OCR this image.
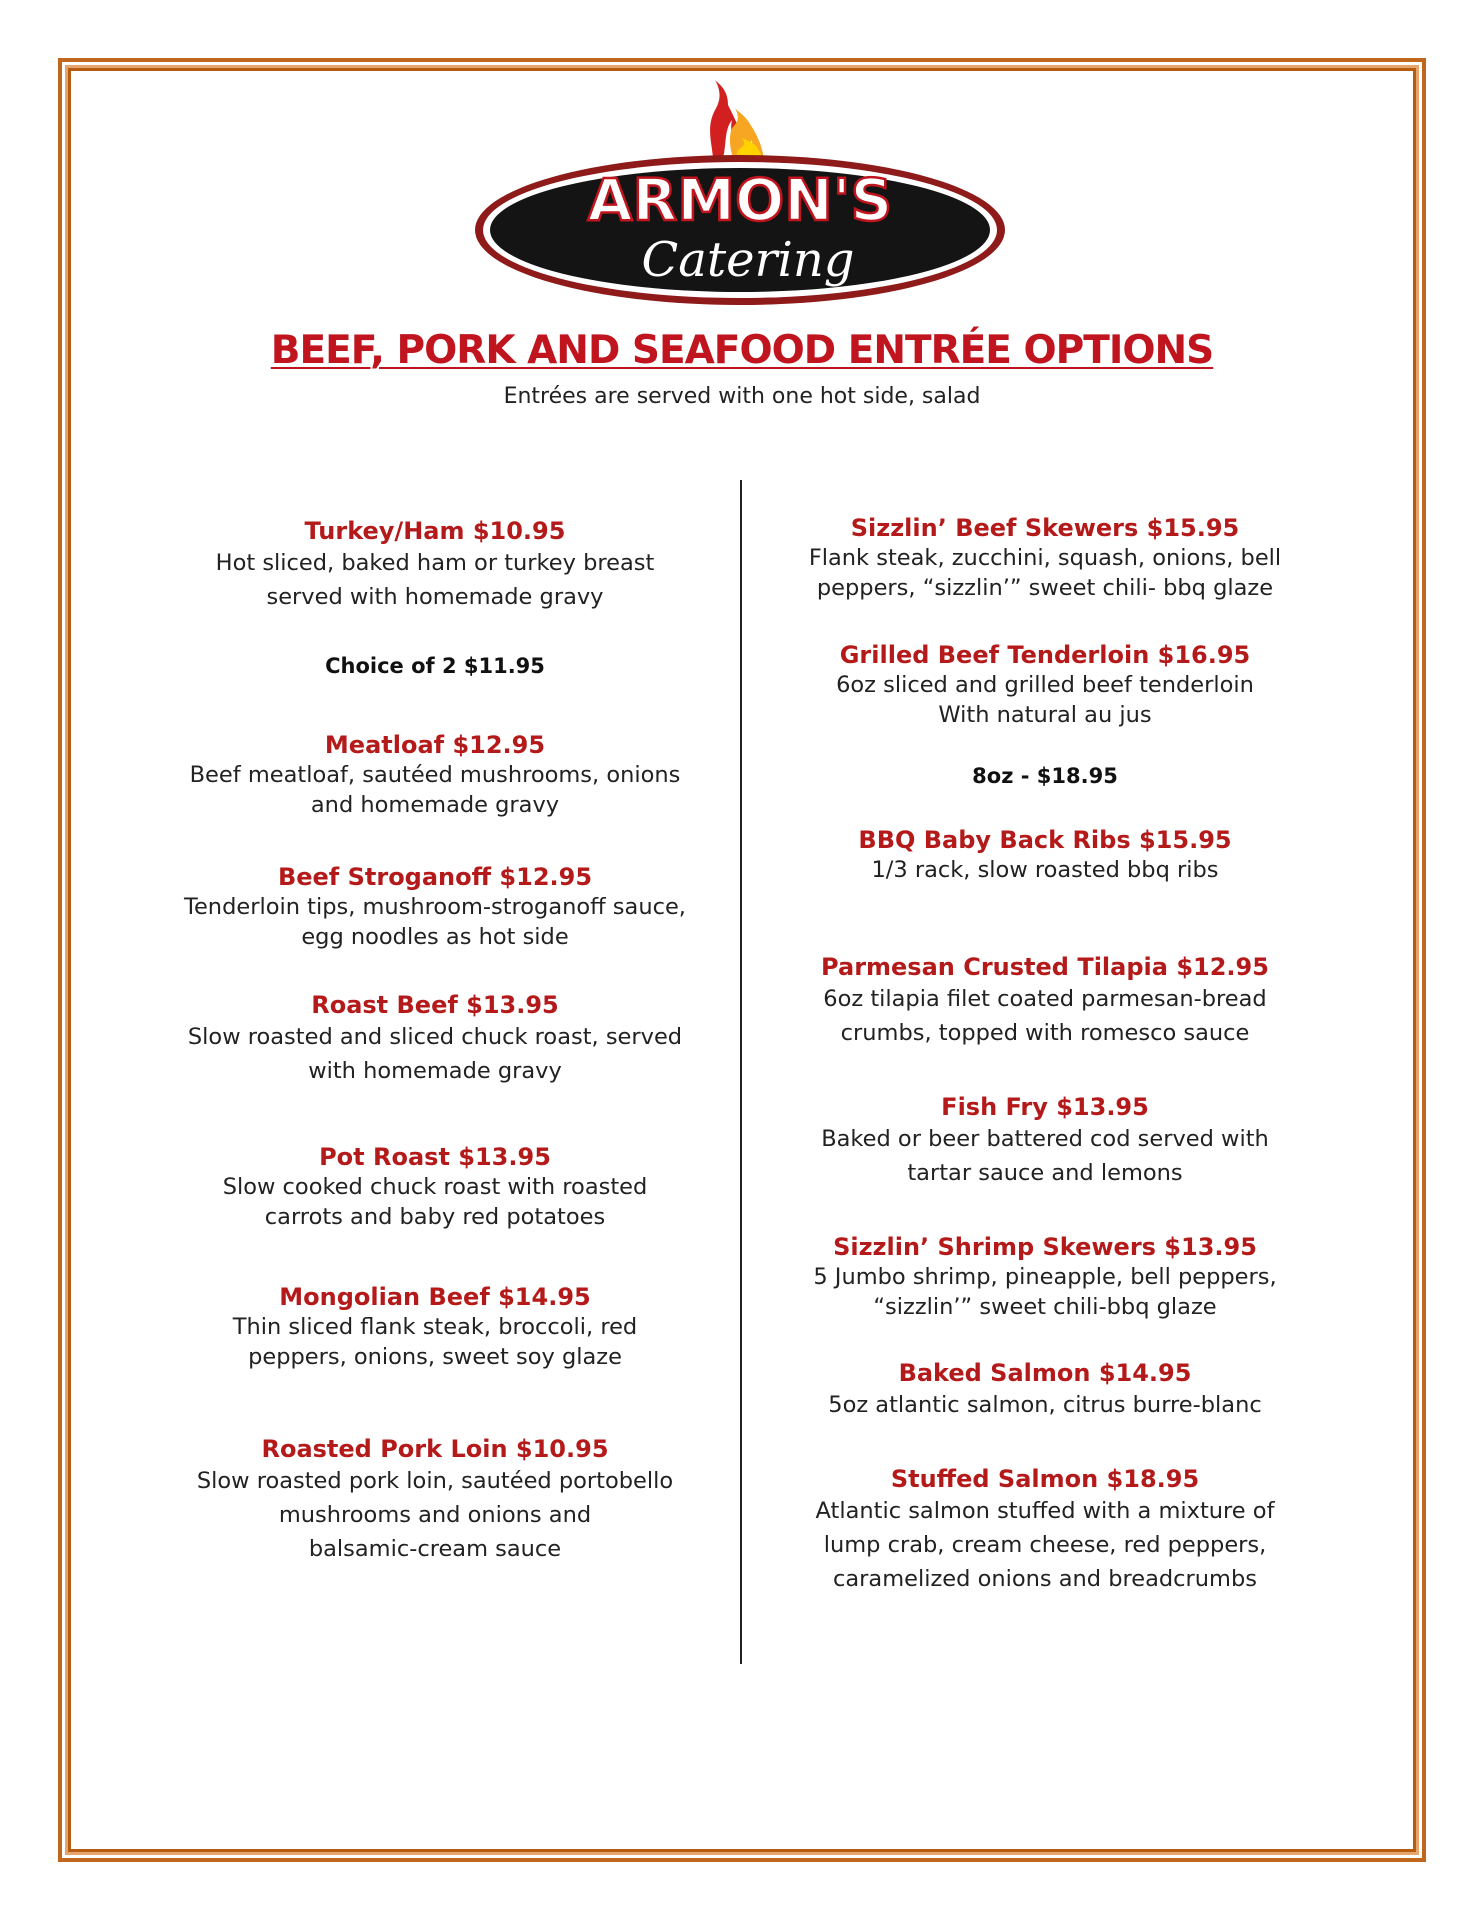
ARMON'S
Catering
BEEF, PORK AND SEAFOOD ENTRÉE OPTIONS
Entrées are served with one hot side, salad
Turkey/Ham $10.95
Hot sliced, baked ham or turkey breast
served with homemade gravy
Choice of 2 $11.95
Meatloaf $12.95
Beef meatloaf, sautéed mushrooms, onions
and homemade gravy
Beef Stroganoff $12.95
Tenderloin tips, mushroom-stroganoff sauce,
egg noodles as hot side
Roast Beef $13.95
Slow roasted and sliced chuck roast, served
with homemade gravy
Pot Roast $13.95
Slow cooked chuck roast with roasted
carrots and baby red potatoes
Mongolian Beef $14.95
Thin sliced flank steak, broccoli, red
peppers, onions, sweet soy glaze
Roasted Pork Loin $10.95
Slow roasted pork loin, sautéed portobello
mushrooms and onions and
balsamic-cream sauce
Sizzlin’ Beef Skewers $15.95
Flank steak, zucchini, squash, onions, bell
peppers, “sizzlin’” sweet chili- bbq glaze
Grilled Beef Tenderloin $16.95
6oz sliced and grilled beef tenderloin
With natural au jus
8oz - $18.95
BBQ Baby Back Ribs $15.95
1/3 rack, slow roasted bbq ribs
Parmesan Crusted Tilapia $12.95
6oz tilapia filet coated parmesan-bread
crumbs, topped with romesco sauce
Fish Fry $13.95
Baked or beer battered cod served with
tartar sauce and lemons
Sizzlin’ Shrimp Skewers $13.95
5 Jumbo shrimp, pineapple, bell peppers,
“sizzlin’” sweet chili-bbq glaze
Baked Salmon $14.95
5oz atlantic salmon, citrus burre-blanc
Stuffed Salmon $18.95
Atlantic salmon stuffed with a mixture of
lump crab, cream cheese, red peppers,
caramelized onions and breadcrumbs
